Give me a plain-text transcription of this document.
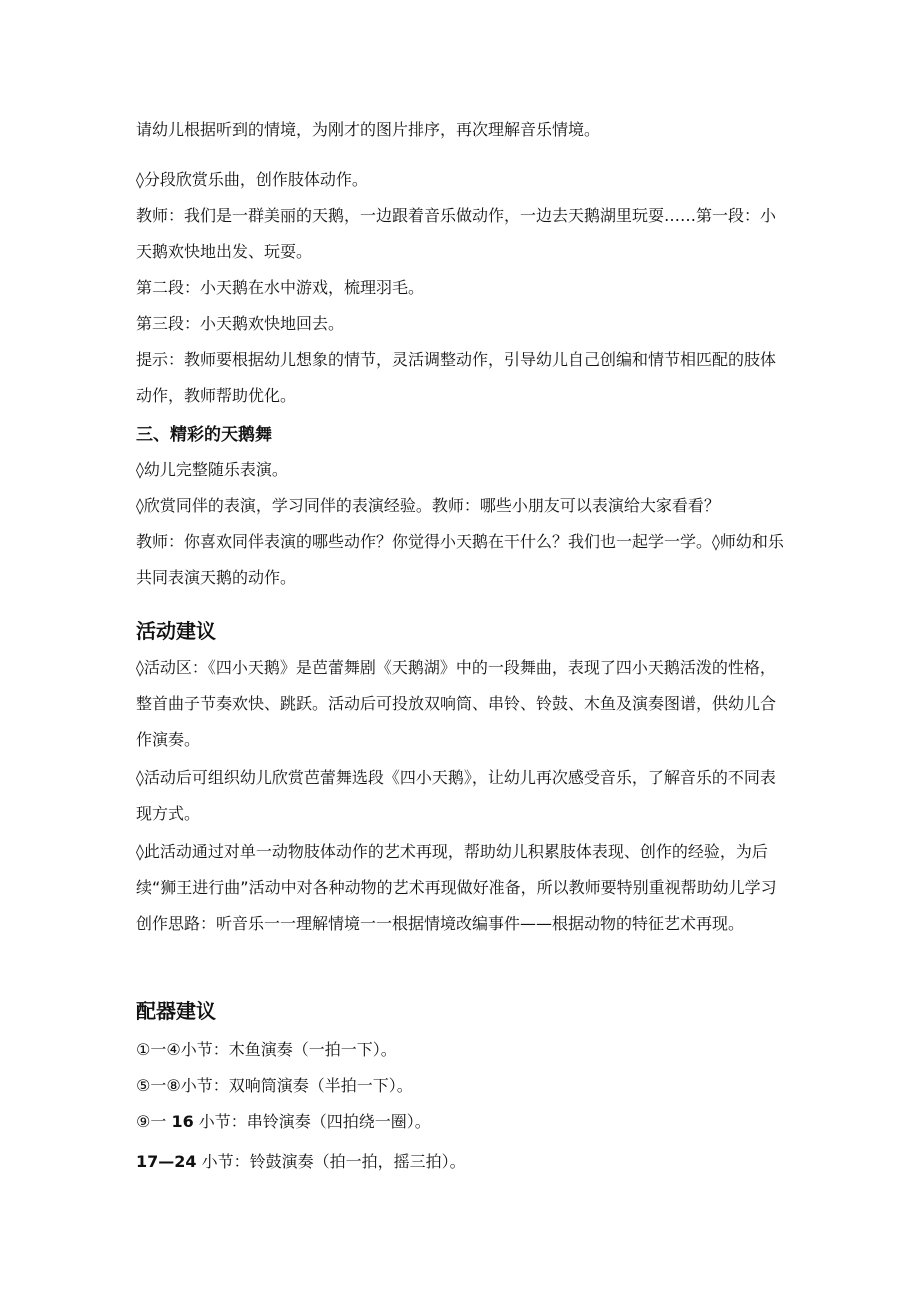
请幼儿根据听到的情境，为刚才的图片排序，再次理解音乐情境。

◊分段欣赏乐曲，创作肢体动作。

教师：我们是一群美丽的天鹅，一边跟着音乐做动作，一边去天鹅湖里玩耍……第一段：小天鹅欢快地出发、玩耍。

第二段：小天鹅在水中游戏，梳理羽毛。

第三段：小天鹅欢快地回去。

提示：教师要根据幼儿想象的情节，灵活调整动作，引导幼儿自己创编和情节相匹配的肢体动作，教师帮助优化。

三、精彩的天鹅舞

◊幼儿完整随乐表演。

◊欣赏同伴的表演，学习同伴的表演经验。教师：哪些小朋友可以表演给大家看看？

教师：你喜欢同伴表演的哪些动作？你觉得小天鹅在干什么？我们也一起学一学。◊师幼和乐共同表演天鹅的动作。

活动建议

◊活动区：《四小天鹅》是芭蕾舞剧《天鹅湖》中的一段舞曲，表现了四小天鹅活泼的性格，整首曲子节奏欢快、跳跃。活动后可投放双响筒、串铃、铃鼓、木鱼及演奏图谱，供幼儿合作演奏。

◊活动后可组织幼儿欣赏芭蕾舞选段《四小天鹅》，让幼儿再次感受音乐，了解音乐的不同表现方式。

◊此活动通过对单一动物肢体动作的艺术再现，帮助幼儿积累肢体表现、创作的经验，为后续“狮王进行曲”活动中对各种动物的艺术再现做好准备，所以教师要特别重视帮助幼儿学习创作思路：听音乐一一理解情境一一根据情境改编事件——根据动物的特征艺术再现。

配器建议

①一④小节：木鱼演奏（一拍一下）。

⑤一⑧小节：双响筒演奏（半拍一下）。

⑨一 16 小节：串铃演奏（四拍绕一圈）。

17—24 小节：铃鼓演奏（拍一拍，摇三拍）。
